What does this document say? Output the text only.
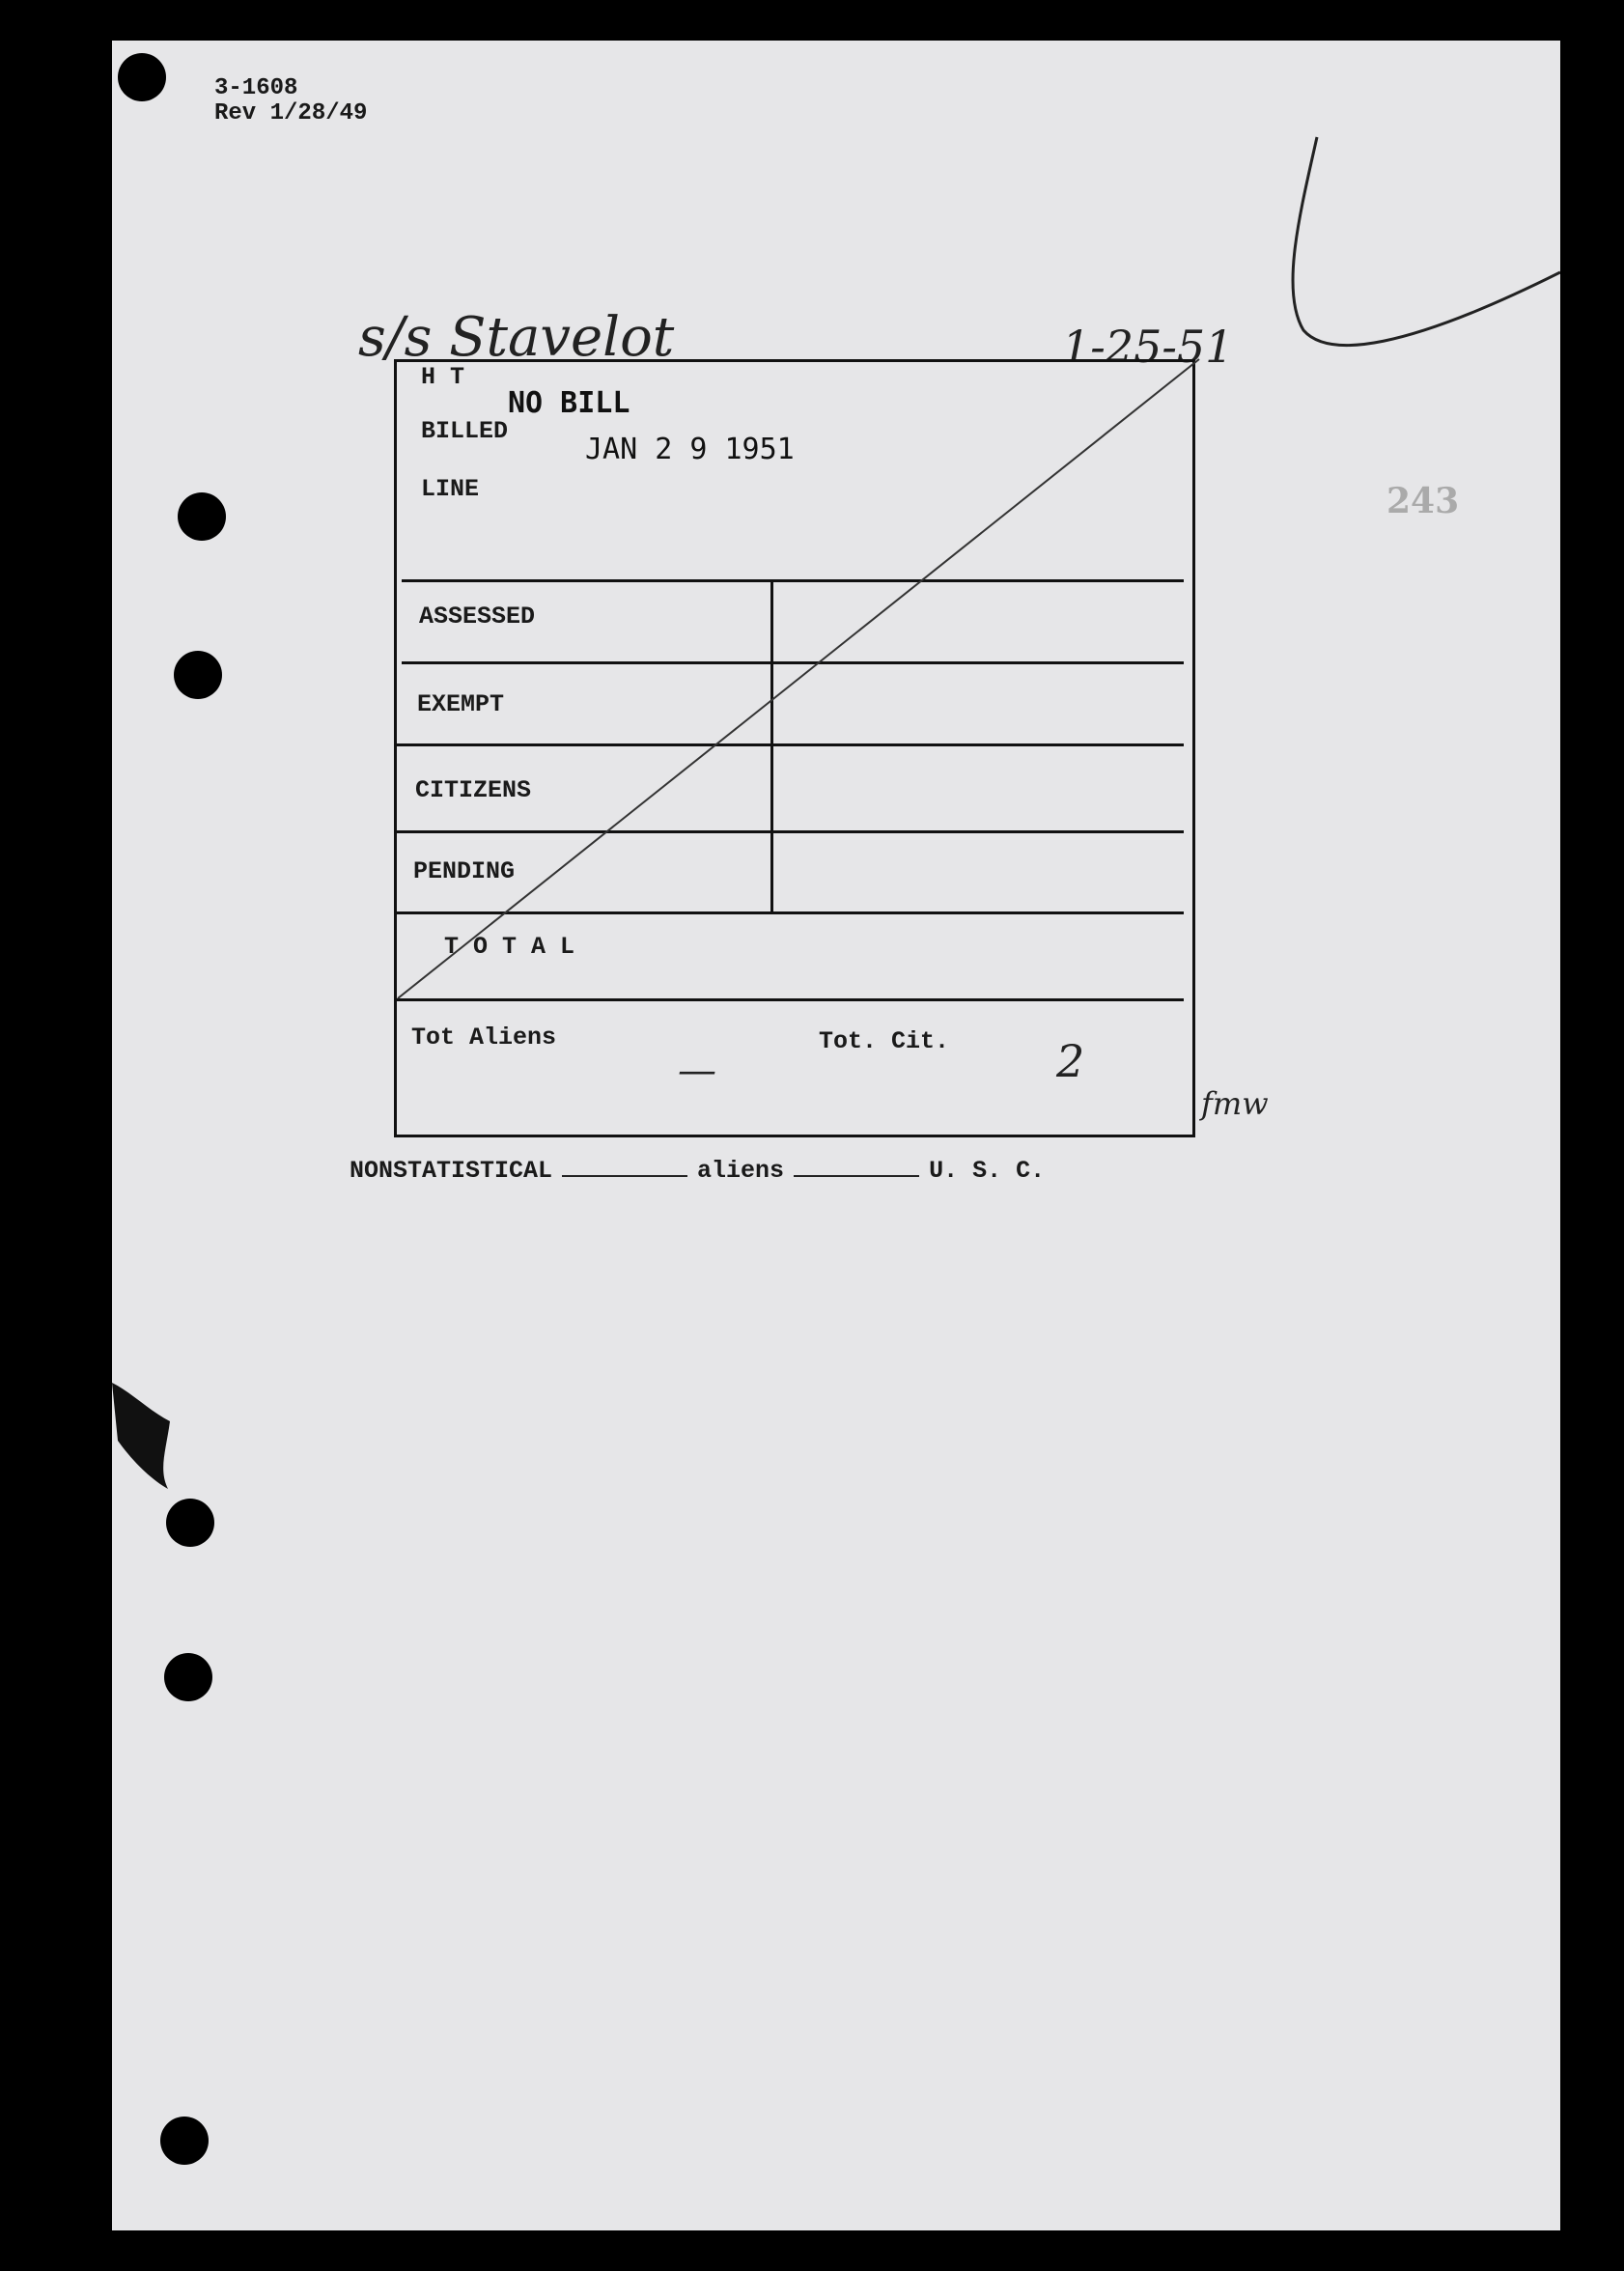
3-1608
Rev 1/28/49
s/s Stavelot	1-25-51
243
H T
BILLED
LINE
NO BILL
JAN 2 9 1951
ASSESSED
EXEMPT
CITIZENS
PENDING
T O T A L
Tot Aliens	Tot. Cit.
—	2
fmw
NONSTATISTICAL	aliens	U. S. C.
